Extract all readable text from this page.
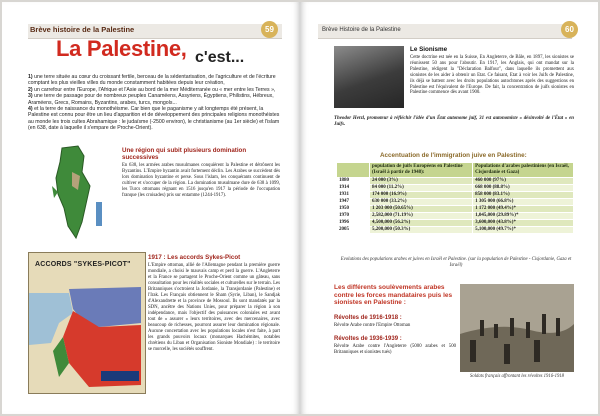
Brève histoire de la Palestine	59
La Palestine, c'est...

1) une terre située au cœur du croissant fertile, berceau de la sédentarisation, de l'agriculture et de l'écriture comptant les plus vieilles villes du monde constamment habitées depuis leur création,

2) un carrefour entre l'Europe, l'Afrique et l'Asie au bord de la mer Méditerranée ou « mer entre les Terres »,

3) une terre de passage pour de nombreux peuples Canaméens, Assyriens, Égyptiens, Philistins, Hébreux, Araméens, Grecs, Romains, Byzantins, arabes, turcs, mongols...

4) et la terre de naissance du monothéisme. Car bien que le paganisme y ait longtemps été présent, la Palestine est connu pour être un lieu d'apparition et de développement des principales religions monothéistes au monde les trois cultes Abrahamique : le judaïsme (-2500 environ), le christianisme (au 1er siècle) et l'islam (en 638, date à laquelle il s'empare de Proche-Orient).

Une région qui subit plusieurs domination successives

En 638, les armées arabes musulmanes conquièrent la Palestine et détrônent les Byzantins. L'Empire byzantin avait fortement déclin. Les Arabes se succèdent dès lors domination byzantine et perse. Sous l'islam, les conquérants continuent de cultiver et s'occuper de la région. La domination musulmane dure de 638 à 1099, les Turcs ottomans régnant en 1516 jusqu'en 1917 la période de l'occupation franque (les croisades) pris sur entamme (1244-1917).

ACCORDS "SYKES-PICOT"

1917 : Les accords Sykes-Picot

L'Empire ottoman, allié de l'Allemagne pendant la première guerre mondiale, a choisi le mauvais camp et perd la guerre. L'Angleterre et la France se partagent le Proche-Orient comme un gâteau, sans consultation pour les réalités sociales et culturelles sur le terrain. Les Britanniques s'octroient la Jordanie, la Transjordanie (Palestine) et l'Irak. Les Français obtiennent le Sham (Syrie, Liban), le Sandjak d'Alexandrette et la province de Mossoul. Ils sont mandatés par la SDN, ancêtre des Nations Unies, pour préparer la région à son indépendance, mais l'objectif des puissances coloniales est avant tout de « assurer » leurs territoires, avec des mercenaires, avec beaucoup de richesses, pourront assurer leur domination régionale. Aucune concertation avec les populations locales n'est faite, à part les grands pouvoirs locaux (monarques Hachémites, notables chrétiens du Liban et Organisation Sioniste Mondiale) : le territoire se morcelle, les sociétés souffrent.

Brève Histoire de la Palestine	60

Le Sionisme

Cette doctrine est née en la Suisse, En Angleterre, de Bâle, en 1897, les sionistes se réunissent 50 ans pour l'aboutir. En 1917, les Anglais, qui ont mandat sur la Palestine, rédigent la "Déclaration Balfour", dans laquelle ils promettent aux sionistes de les aider à obtenir un Etat. Ce faisant, Etat à voir les Juifs de Palestine, ils déjà se battent avec les droits populations autochtones après des suggestions en Palestine est l'équivalent de l'Europe. De fait, la concentration de juifs sionistes en Palestine commence dès avant 1900.

Theodor Herzl, promoteur à réfléchir l'idée d'un État autonome juif, 31 est autonomiste « désinvolté de l'État » en Juifs.
Accentuation de l'immigration juive en Palestine:
	population de juifs Européens en Palestine (Israël à partir de 1948):	Populations d'arabes palestiniens (en Israël, Cisjordanie et Gaza)
1880	24 000 (3%)	460 000 (97%)
1914	84 000 (11.2%)	668 000 (88.8%)
1931	174 000 (16.9%)	858 000 (83.1%)
1947	630 000 (33.2%)	1 305 000 (66.8%)
1950	1 203 000 (50.65%)	1 172 000 (49.4%)*
1970	2,582,000 (71.19%)	1,045,000 (29.89%)*
1996	4,500,000 (56.2%)	3,600,000 (43.8%)*
2005	5,200,000 (50.3%)	5,100,000 (49.7%)*
Evolutions des populations arabes et juives en Israël et Palestine. (sur la population de Palestine - Cisjordanie, Gaza et Israël)

Les différents soulèvements arabes contre les forces mandataires puis les sionistes en Palestine :

Révoltes de 1916-1918 :

Révolte Arabe contre l'Empire Ottoman

Révoltes de 1936-1939 :

Révolte Arabe contre l'Angleterre (5000 arabes et 500 Britanniques et sionistes tués)

Soldats français affrontant les révoltes 1916-1918
